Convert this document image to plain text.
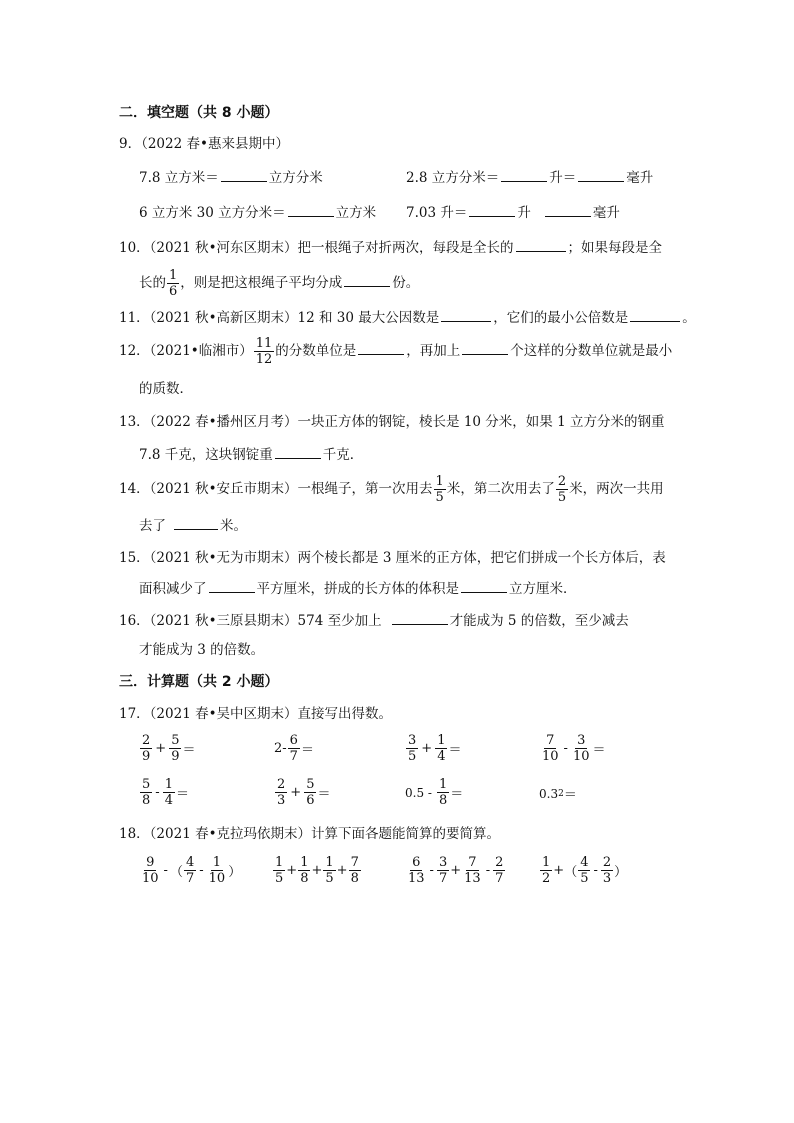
二．填空题（共 8 小题）
9．（2022 春•惠来县期中）
7.8 立方米＝	立方分米	2.8 立方分米＝	升＝	毫升
6 立方米 30 立方分米＝	立方米 7.03 升＝	升	毫升
10．（2021 秋•河东区期末）把一根绳子对折两次，每段是全长的	；如果每段是全
长的 $\frac{1}{6}$ ，则是把这根绳子平均分成	份。
11．（2021 秋•高新区期末）12 和 30 最大公因数是	，它们的最小公倍数是	。
12．（2021•临湘市） $\frac{11}{12}$ 的分数单位是	，再加上	个这样的分数单位就是最小
的质数．
13．（2022 春•播州区月考）一块正方体的钢锭，棱长是 10 分米，如果 1 立方分米的钢重
7.8 千克，这块钢锭重	千克．
14．（2021 秋•安丘市期末）一根绳子，第一次用去 $\frac{1}{5}$ 米，第二次用去了 $\frac{2}{5}$ 米，两次一共用
去了	米。
15．（2021 秋•无为市期末）两个棱长都是 3 厘米的正方体，把它们拼成一个长方体后，表
面积减少了	平方厘米，拼成的长方体的体积是	立方厘米．
16．（2021 秋•三原县期末）574 至少加上	才能成为 5 的倍数，至少减去
才能成为 3 的倍数。
三．计算题（共 2 小题）
17．（2021 春•吴中区期末）直接写出得数。
$\frac{2}{9} + \frac{5}{9}$ ＝	$2- \frac{6}{7}$ ＝	$\frac{3}{5} + \frac{1}{4}$ ＝	$\frac{7}{10} - \frac{3}{10}$ ＝
$\frac{5}{8} - \frac{1}{4}$ ＝	$\frac{2}{3} + \frac{5}{6}$ ＝	$0.5 - \frac{1}{8}$ ＝	0.3 2 ＝
18．（2021 春•克拉玛依期末）计算下面各题能简算的要简算。
$\frac{9}{10}$ - （ $\frac{4}{7} - \frac{1}{10}$ ） $\frac{1}{5} + \frac{1}{8} + \frac{1}{5} + \frac{7}{8}$	$\frac{6}{13} - \frac{3}{7} + \frac{7}{13} - \frac{2}{7}$	$\frac{1}{2}$ + （ $\frac{4}{5} - \frac{2}{3}$ ）
